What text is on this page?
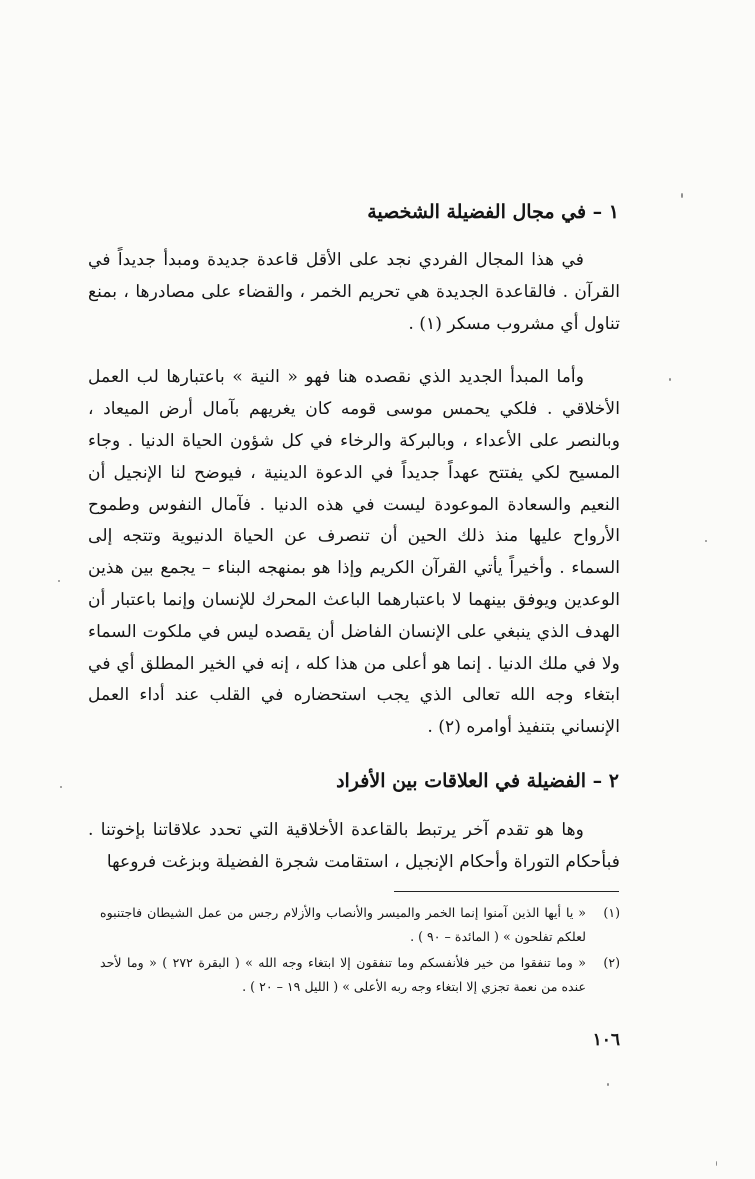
١ – في مجال الفضيلة الشخصية

في هذا المجال الفردي نجد على الأقل قاعدة جديدة ومبدأ جديداً في القرآن . فالقاعدة الجديدة هي تحريم الخمر ، والقضاء على مصادرها ، بمنع تناول أي مشروب مسكر (١) .

وأما المبدأ الجديد الذي نقصده هنا فهو « النية » باعتبارها لب العمل الأخلاقي . فلكي يحمس موسى قومه كان يغريهم بآمال أرض الميعاد ، وبالنصر على الأعداء ، وبالبركة والرخاء في كل شؤون الحياة الدنيا . وجاء المسيح لكي يفتتح عهداً جديداً في الدعوة الدينية ، فيوضح لنا الإنجيل أن النعيم والسعادة الموعودة ليست في هذه الدنيا . فآمال النفوس وطموح الأرواح عليها منذ ذلك الحين أن تنصرف عن الحياة الدنيوية وتتجه إلى السماء . وأخيراً يأتي القرآن الكريم وإذا هو بمنهجه البناء – يجمع بين هذين الوعدين ويوفق بينهما لا باعتبارهما الباعث المحرك للإنسان وإنما باعتبار أن الهدف الذي ينبغي على الإنسان الفاضل أن يقصده ليس في ملكوت السماء ولا في ملك الدنيا . إنما هو أعلى من هذا كله ، إنه في الخير المطلق أي في ابتغاء وجه الله تعالى الذي يجب استحضاره في القلب عند أداء العمل الإنساني بتنفيذ أوامره (٢) .

٢ – الفضيلة في العلاقات بين الأفراد

وها هو تقدم آخر يرتبط بالقاعدة الأخلاقية التي تحدد علاقاتنا بإخوتنا . فبأحكام التوراة وأحكام الإنجيل ، استقامت شجرة الفضيلة وبزغت فروعها

(١)
« يا أيها الذين آمنوا إنما الخمر والميسر والأنصاب والأزلام رجس من عمل الشيطان فاجتنبوه لعلكم تفلحون » ( المائدة – ٩٠ ) .
(٢)
« وما تنفقوا من خير فلأنفسكم وما تنفقون إلا ابتغاء وجه الله » ( البقرة ٢٧٢ ) « وما لأحد عنده من نعمة تجزي إلا ابتغاء وجه ربه الأعلى » ( الليل ١٩ – ٢٠ ) .
١٠٦
